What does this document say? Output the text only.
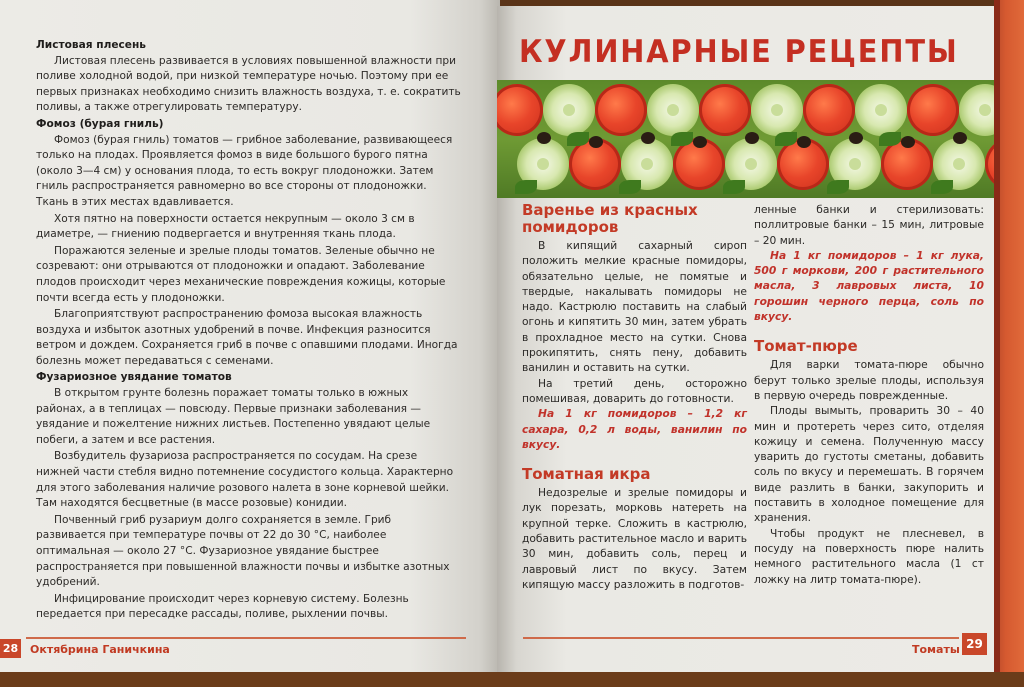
Листовая плесень

Листовая плесень развивается в условиях повышенной влажности при поливе холодной водой, при низкой температуре ночью. Поэтому при ее первых признаках необходимо снизить влажность воздуха, т. е. сократить поливы, а также отрегулировать температуру.

Фомоз (бурая гниль)

Фомоз (бурая гниль) томатов — грибное заболевание, развивающееся только на плодах. Проявляется фомоз в виде большого бурого пятна (около 3—4 см) у основания плода, то есть вокруг плодоножки. Затем гниль распространяется равномерно во все стороны от плодоножки. Ткань в этих местах вдавливается.

Хотя пятно на поверхности остается некрупным — около 3 см в диаметре, — гниению подвергается и внутренняя ткань плода.

Поражаются зеленые и зрелые плоды томатов. Зеленые обычно не созревают: они отрываются от плодоножки и опадают. Заболевание плодов происходит через механические повреждения кожицы, которые почти всегда есть у плодоножки.

Благоприятствуют распространению фомоза высокая влажность воздуха и избыток азотных удобрений в почве. Инфекция разносится ветром и дождем. Сохраняется гриб в почве с опавшими плодами. Иногда болезнь может передаваться с семенами.

Фузариозное увядание томатов

В открытом грунте болезнь поражает томаты только в южных районах, а в теплицах — повсюду. Первые признаки заболевания — увядание и пожелтение нижних листьев. Постепенно увядают целые побеги, а затем и все растения.

Возбудитель фузариоза распространяется по сосудам. На срезе нижней части стебля видно потемнение сосудистого кольца. Характерно для этого заболевания наличие розового налета в зоне корневой шейки. Там находятся бесцветные (в массе розовые) конидии.

Почвенный гриб рузариум долго сохраняется в земле. Гриб развивается при температуре почвы от 22 до 30 °С, наиболее оптимальная — около 27 °С. Фузариозное увядание быстрее распространяется при повышенной влажности почвы и избытке азотных удобрений.

Инфицирование происходит через корневую систему. Болезнь передается при пересадке рассады, поливе, рыхлении почвы.

28 Октябрина Ганичкина
КУЛИНАРНЫЕ РЕЦЕПТЫ
Варенье из красных помидоров

В кипящий сахарный сироп положить мелкие красные помидоры, обязательно целые, не помятые и твердые, накалывать помидоры не надо. Кастрюлю поставить на слабый огонь и кипятить 30 мин, затем убрать в прохладное место на сутки. Снова прокипятить, снять пену, добавить ванилин и оставить на сутки.

На третий день, осторожно помешивая, доварить до готовности.

На 1 кг помидоров – 1,2 кг сахара, 0,2 л воды, ванилин по вкусу.

Томатная икра

Недозрелые и зрелые помидоры и лук порезать, морковь натереть на крупной терке. Сложить в кастрюлю, добавить растительное масло и варить 30 мин, добавить соль, перец и лавровый лист по вкусу. Затем кипящую массу разложить в подготов-

ленные банки и стерилизовать: поллитровые банки – 15 мин, литровые – 20 мин.

На 1 кг помидоров – 1 кг лука, 500 г моркови, 200 г растительного масла, 3 лавровых листа, 10 горошин черного перца, соль по вкусу.

Томат-пюре

Для варки томата-пюре обычно берут только зрелые плоды, используя в первую очередь поврежденные.

Плоды вымыть, проварить 30 – 40 мин и протереть через сито, отделяя кожицу и семена. Полученную массу уварить до густоты сметаны, добавить соль по вкусу и перемешать. В горячем виде разлить в банки, закупорить и поставить в холодное помещение для хранения.

Чтобы продукт не плесневел, в посуду на поверхность пюре налить немного растительного масла (1 ст ложку на литр томата-пюре).

Томаты 29
